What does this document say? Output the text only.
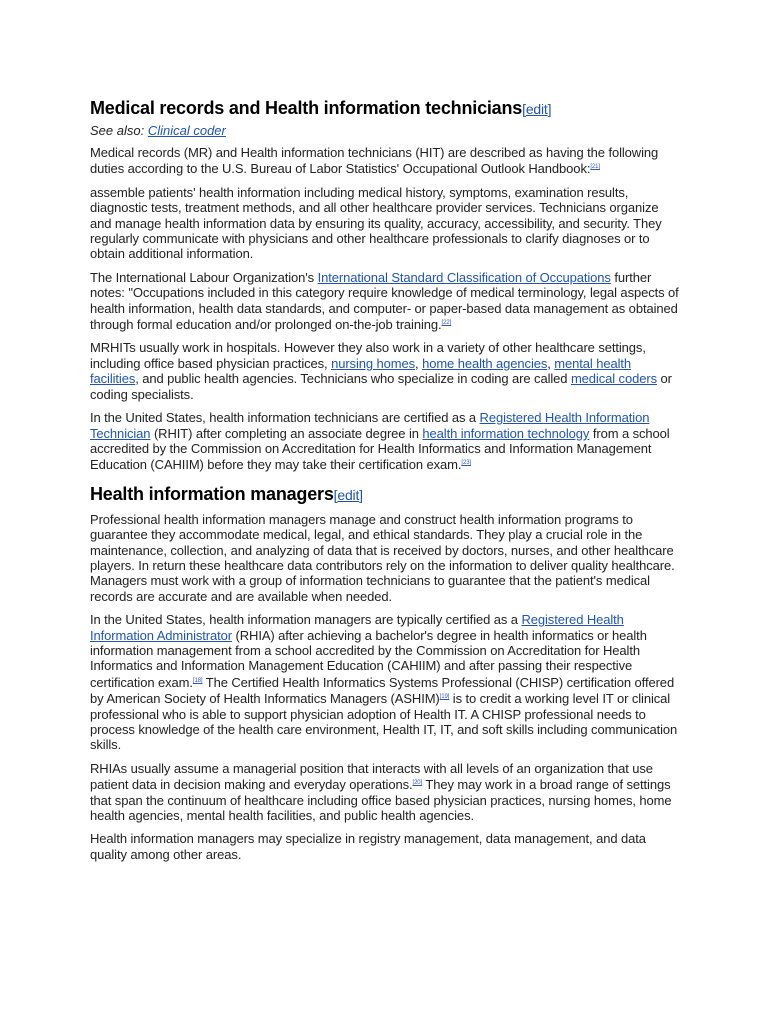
Medical records and Health information technicians[edit]
See also: Clinical coder

Medical records (MR) and Health information technicians (HIT) are described as having the following duties according to the U.S. Bureau of Labor Statistics' Occupational Outlook Handbook:[21]

assemble patients' health information including medical history, symptoms, examination results, diagnostic tests, treatment methods, and all other healthcare provider services. Technicians organize and manage health information data by ensuring its quality, accuracy, accessibility, and security. They regularly communicate with physicians and other healthcare professionals to clarify diagnoses or to obtain additional information.

The International Labour Organization's International Standard Classification of Occupations further notes: "Occupations included in this category require knowledge of medical terminology, legal aspects of health information, health data standards, and computer- or paper-based data management as obtained through formal education and/or prolonged on-the-job training.[22]

MRHITs usually work in hospitals. However they also work in a variety of other healthcare settings, including office based physician practices, nursing homes, home health agencies, mental health facilities, and public health agencies. Technicians who specialize in coding are called medical coders or coding specialists.

In the United States, health information technicians are certified as a Registered Health Information Technician (RHIT) after completing an associate degree in health information technology from a school accredited by the Commission on Accreditation for Health Informatics and Information Management Education (CAHIIM) before they may take their certification exam.[23]

Health information managers[edit]

Professional health information managers manage and construct health information programs to guarantee they accommodate medical, legal, and ethical standards. They play a crucial role in the maintenance, collection, and analyzing of data that is received by doctors, nurses, and other healthcare players. In return these healthcare data contributors rely on the information to deliver quality healthcare. Managers must work with a group of information technicians to guarantee that the patient's medical records are accurate and are available when needed.

In the United States, health information managers are typically certified as a Registered Health Information Administrator (RHIA) after achieving a bachelor's degree in health informatics or health information management from a school accredited by the Commission on Accreditation for Health Informatics and Information Management Education (CAHIIM) and after passing their respective certification exam.[18] The Certified Health Informatics Systems Professional (CHISP) certification offered by American Society of Health Informatics Managers (ASHIM)[19] is to credit a working level IT or clinical professional who is able to support physician adoption of Health IT. A CHISP professional needs to process knowledge of the health care environment, Health IT, IT, and soft skills including communication skills.

RHIAs usually assume a managerial position that interacts with all levels of an organization that use patient data in decision making and everyday operations.[20] They may work in a broad range of settings that span the continuum of healthcare including office based physician practices, nursing homes, home health agencies, mental health facilities, and public health agencies.

Health information managers may specialize in registry management, data management, and data quality among other areas.
